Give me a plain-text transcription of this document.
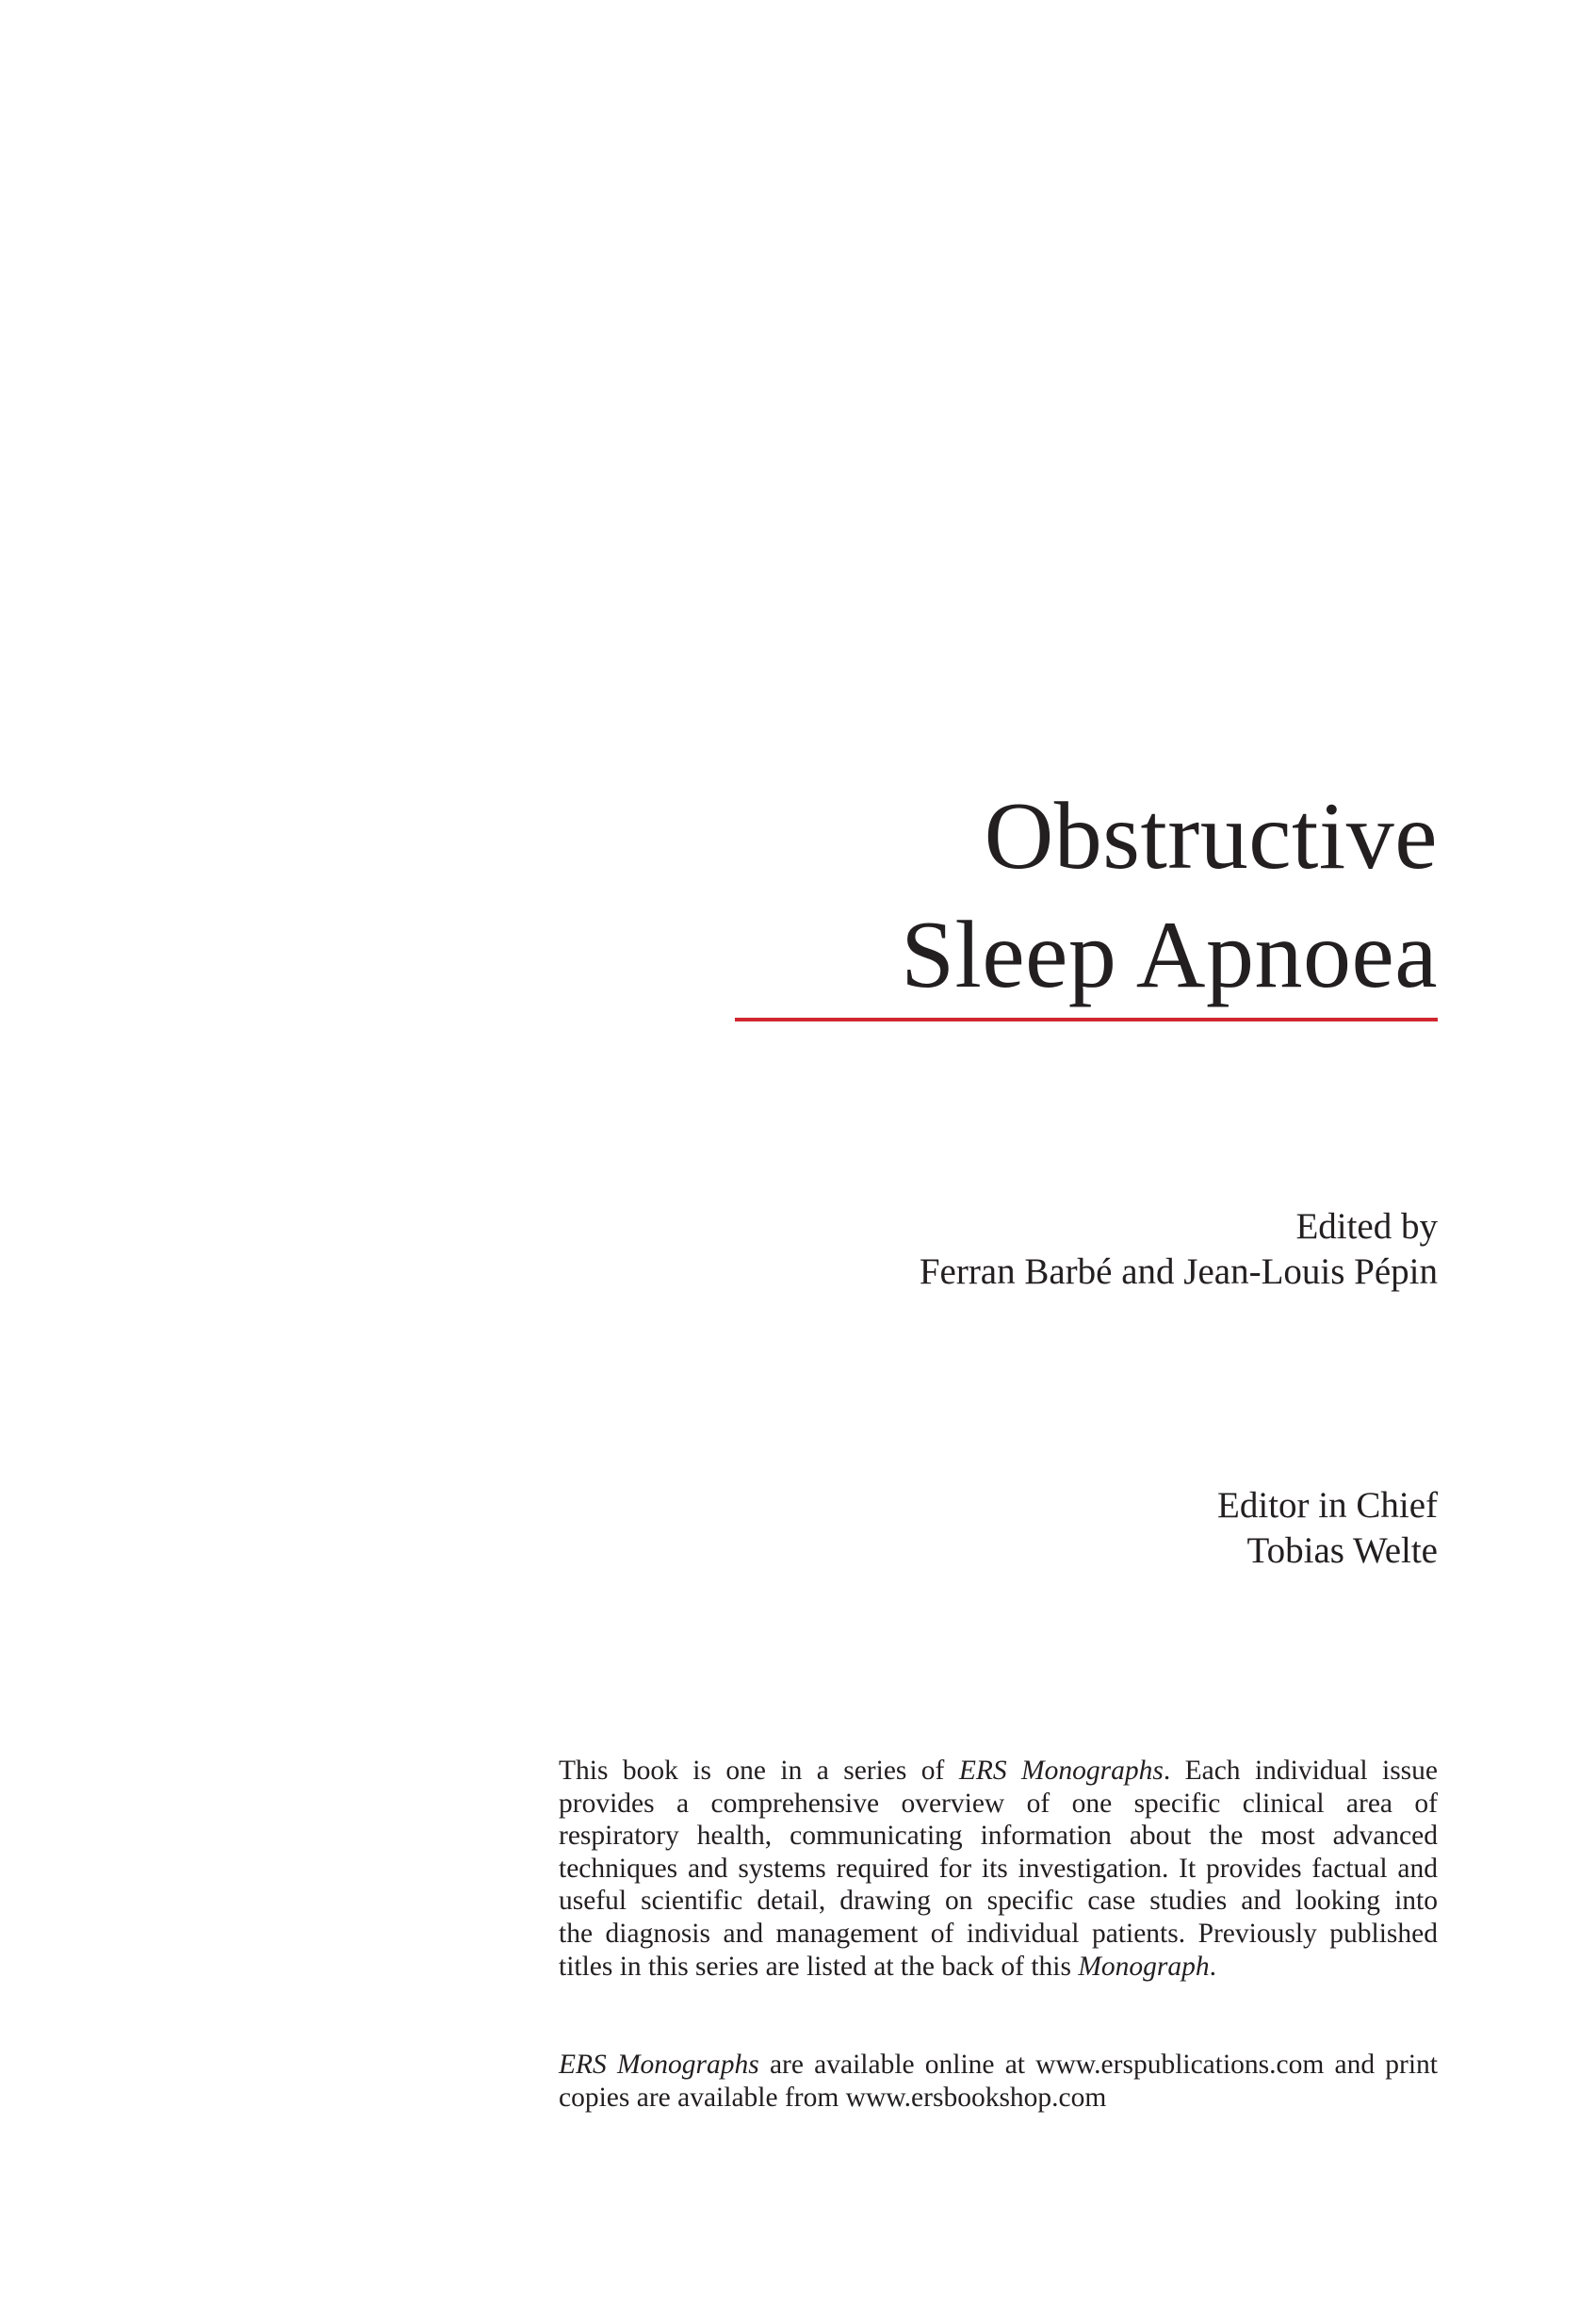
Obstructive
Sleep Apnoea
Edited by
Ferran Barbé and Jean-Louis Pépin
Editor in Chief
Tobias Welte
This book is one in a series of ERS Monographs. Each individual issue
provides a comprehensive overview of one specific clinical area of
respiratory health, communicating information about the most advanced
techniques and systems required for its investigation. It provides factual and
useful scientific detail, drawing on specific case studies and looking into
the diagnosis and management of individual patients. Previously published
titles in this series are listed at the back of this Monograph.
ERS Monographs are available online at www.erspublications.com and print
copies are available from www.ersbookshop.com
